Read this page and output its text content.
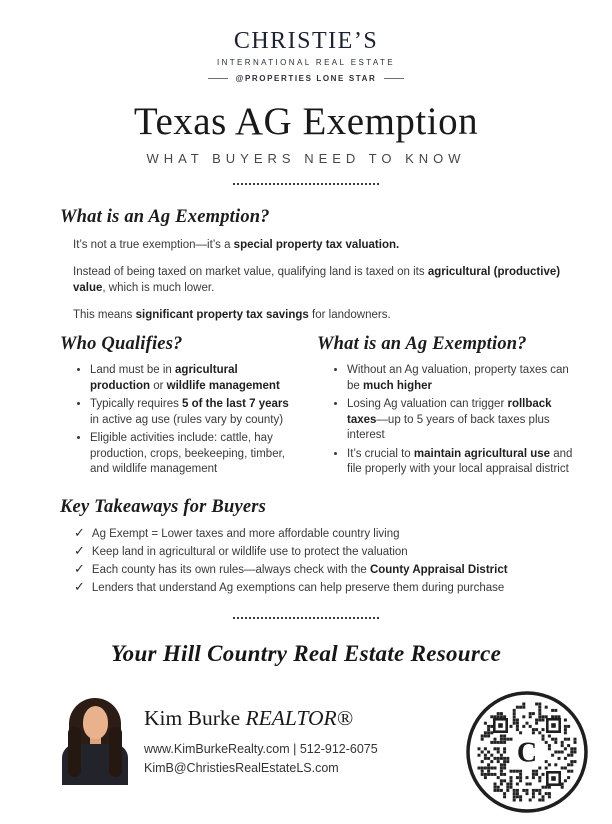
CHRISTIE’S
INTERNATIONAL REAL ESTATE
@PROPERTIES LONE STAR
Texas AG Exemption
WHAT BUYERS NEED TO KNOW
What is an Ag Exemption?

It’s not a true exemption—it’s a special property tax valuation.

Instead of being taxed on market value, qualifying land is taxed on its agricultural (productive) value, which is much lower.

This means significant property tax savings for landowners.

Who Qualifies?
• Land must be in agricultural production or wildlife management
• Typically requires 5 of the last 7 years in active ag use (rules vary by county)
• Eligible activities include: cattle, hay production, crops, beekeeping, timber, and wildlife management
What is an Ag Exemption?
• Without an Ag valuation, property taxes can be much higher
• Losing Ag valuation can trigger rollback taxes—up to 5 years of back taxes plus interest
• It’s crucial to maintain agricultural use and file properly with your local appraisal district
Key Takeaways for Buyers
✓ Ag Exempt = Lower taxes and more affordable country living
✓ Keep land in agricultural or wildlife use to protect the valuation
✓ Each county has its own rules—always check with the County Appraisal District
✓ Lenders that understand Ag exemptions can help preserve them during purchase
Your Hill Country Real Estate Resource
Kim Burke REALTOR®
www.KimBurkeRealty.com | 512-912-6075
KimB@ChristiesRealEstateLS.com	C
